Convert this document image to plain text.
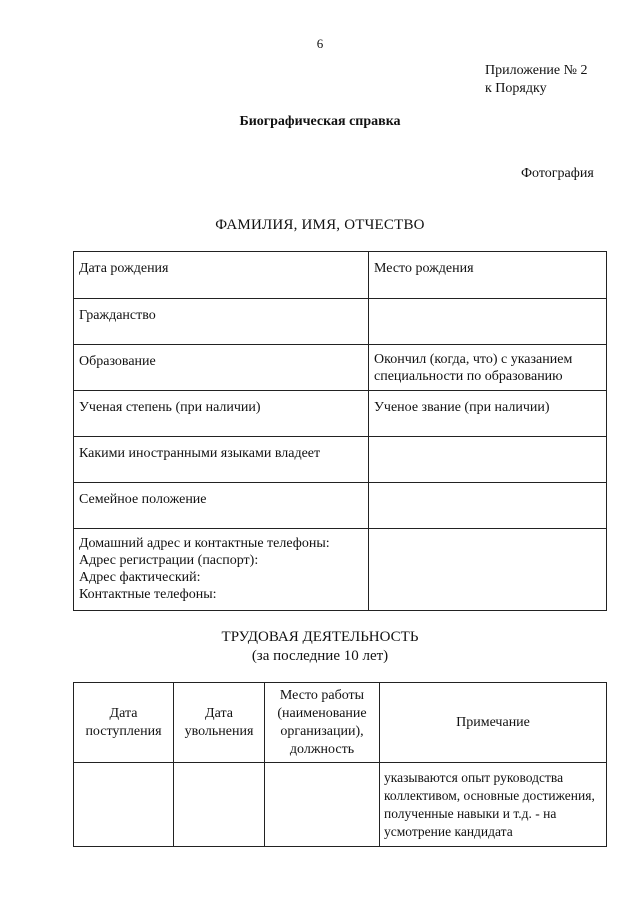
6
Приложение № 2
к Порядку
Биографическая справка
Фотография
ФАМИЛИЯ, ИМЯ, ОТЧЕСТВО
Дата рождения	Место рождения
Гражданство	
Образование	Окончил (когда, что) с указанием специальности по образованию
Ученая степень (при наличии)	Ученое звание (при наличии)
Какими иностранными языками владеет	
Семейное положение	

Домашний адрес и контактные телефоны:
Адрес регистрации (паспорт):
Адрес фактический:
Контактные телефоны:	

ТРУДОВАЯ ДЕЯТЕЛЬНОСТЬ
(за последние 10 лет)
Дата поступления	Дата увольнения	Место работы (наименование организации), должность	Примечание
			указываются опыт руководства коллективом, основные достижения, полученные навыки и т.д. - на усмотрение кандидата
